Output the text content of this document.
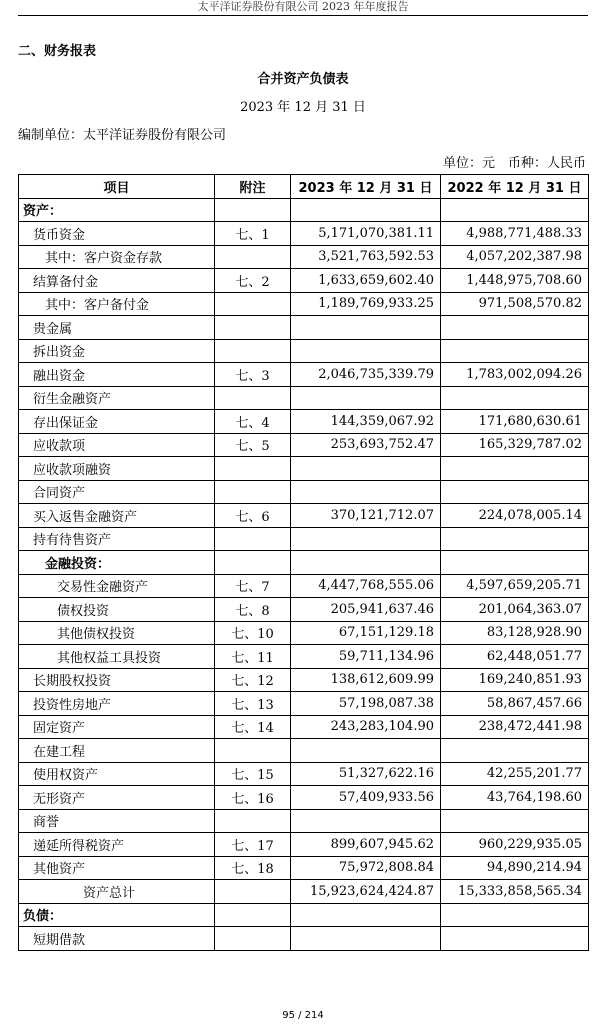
太平洋证券股份有限公司 2023 年年度报告
二、财务报表
合并资产负债表
2023 年 12 月 31 日
编制单位：太平洋证券股份有限公司
单位：元　币种：人民币
项目	附注	2023 年 12 月 31 日	2022 年 12 月 31 日
资产：			
货币资金	七、1	5,171,070,381.11	4,988,771,488.33
其中：客户资金存款		3,521,763,592.53	4,057,202,387.98
结算备付金	七、2	1,633,659,602.40	1,448,975,708.60
其中：客户备付金		1,189,769,933.25	971,508,570.82
贵金属			
拆出资金			
融出资金	七、3	2,046,735,339.79	1,783,002,094.26
衍生金融资产			
存出保证金	七、4	144,359,067.92	171,680,630.61
应收款项	七、5	253,693,752.47	165,329,787.02
应收款项融资			
合同资产			
买入返售金融资产	七、6	370,121,712.07	224,078,005.14
持有待售资产			
金融投资：			
交易性金融资产	七、7	4,447,768,555.06	4,597,659,205.71
债权投资	七、8	205,941,637.46	201,064,363.07
其他债权投资	七、10	67,151,129.18	83,128,928.90
其他权益工具投资	七、11	59,711,134.96	62,448,051.77
长期股权投资	七、12	138,612,609.99	169,240,851.93
投资性房地产	七、13	57,198,087.38	58,867,457.66
固定资产	七、14	243,283,104.90	238,472,441.98
在建工程			
使用权资产	七、15	51,327,622.16	42,255,201.77
无形资产	七、16	57,409,933.56	43,764,198.60
商誉			
递延所得税资产	七、17	899,607,945.62	960,229,935.05
其他资产	七、18	75,972,808.84	94,890,214.94
资产总计		15,923,624,424.87	15,333,858,565.34
负债：			
短期借款			
95 / 214
